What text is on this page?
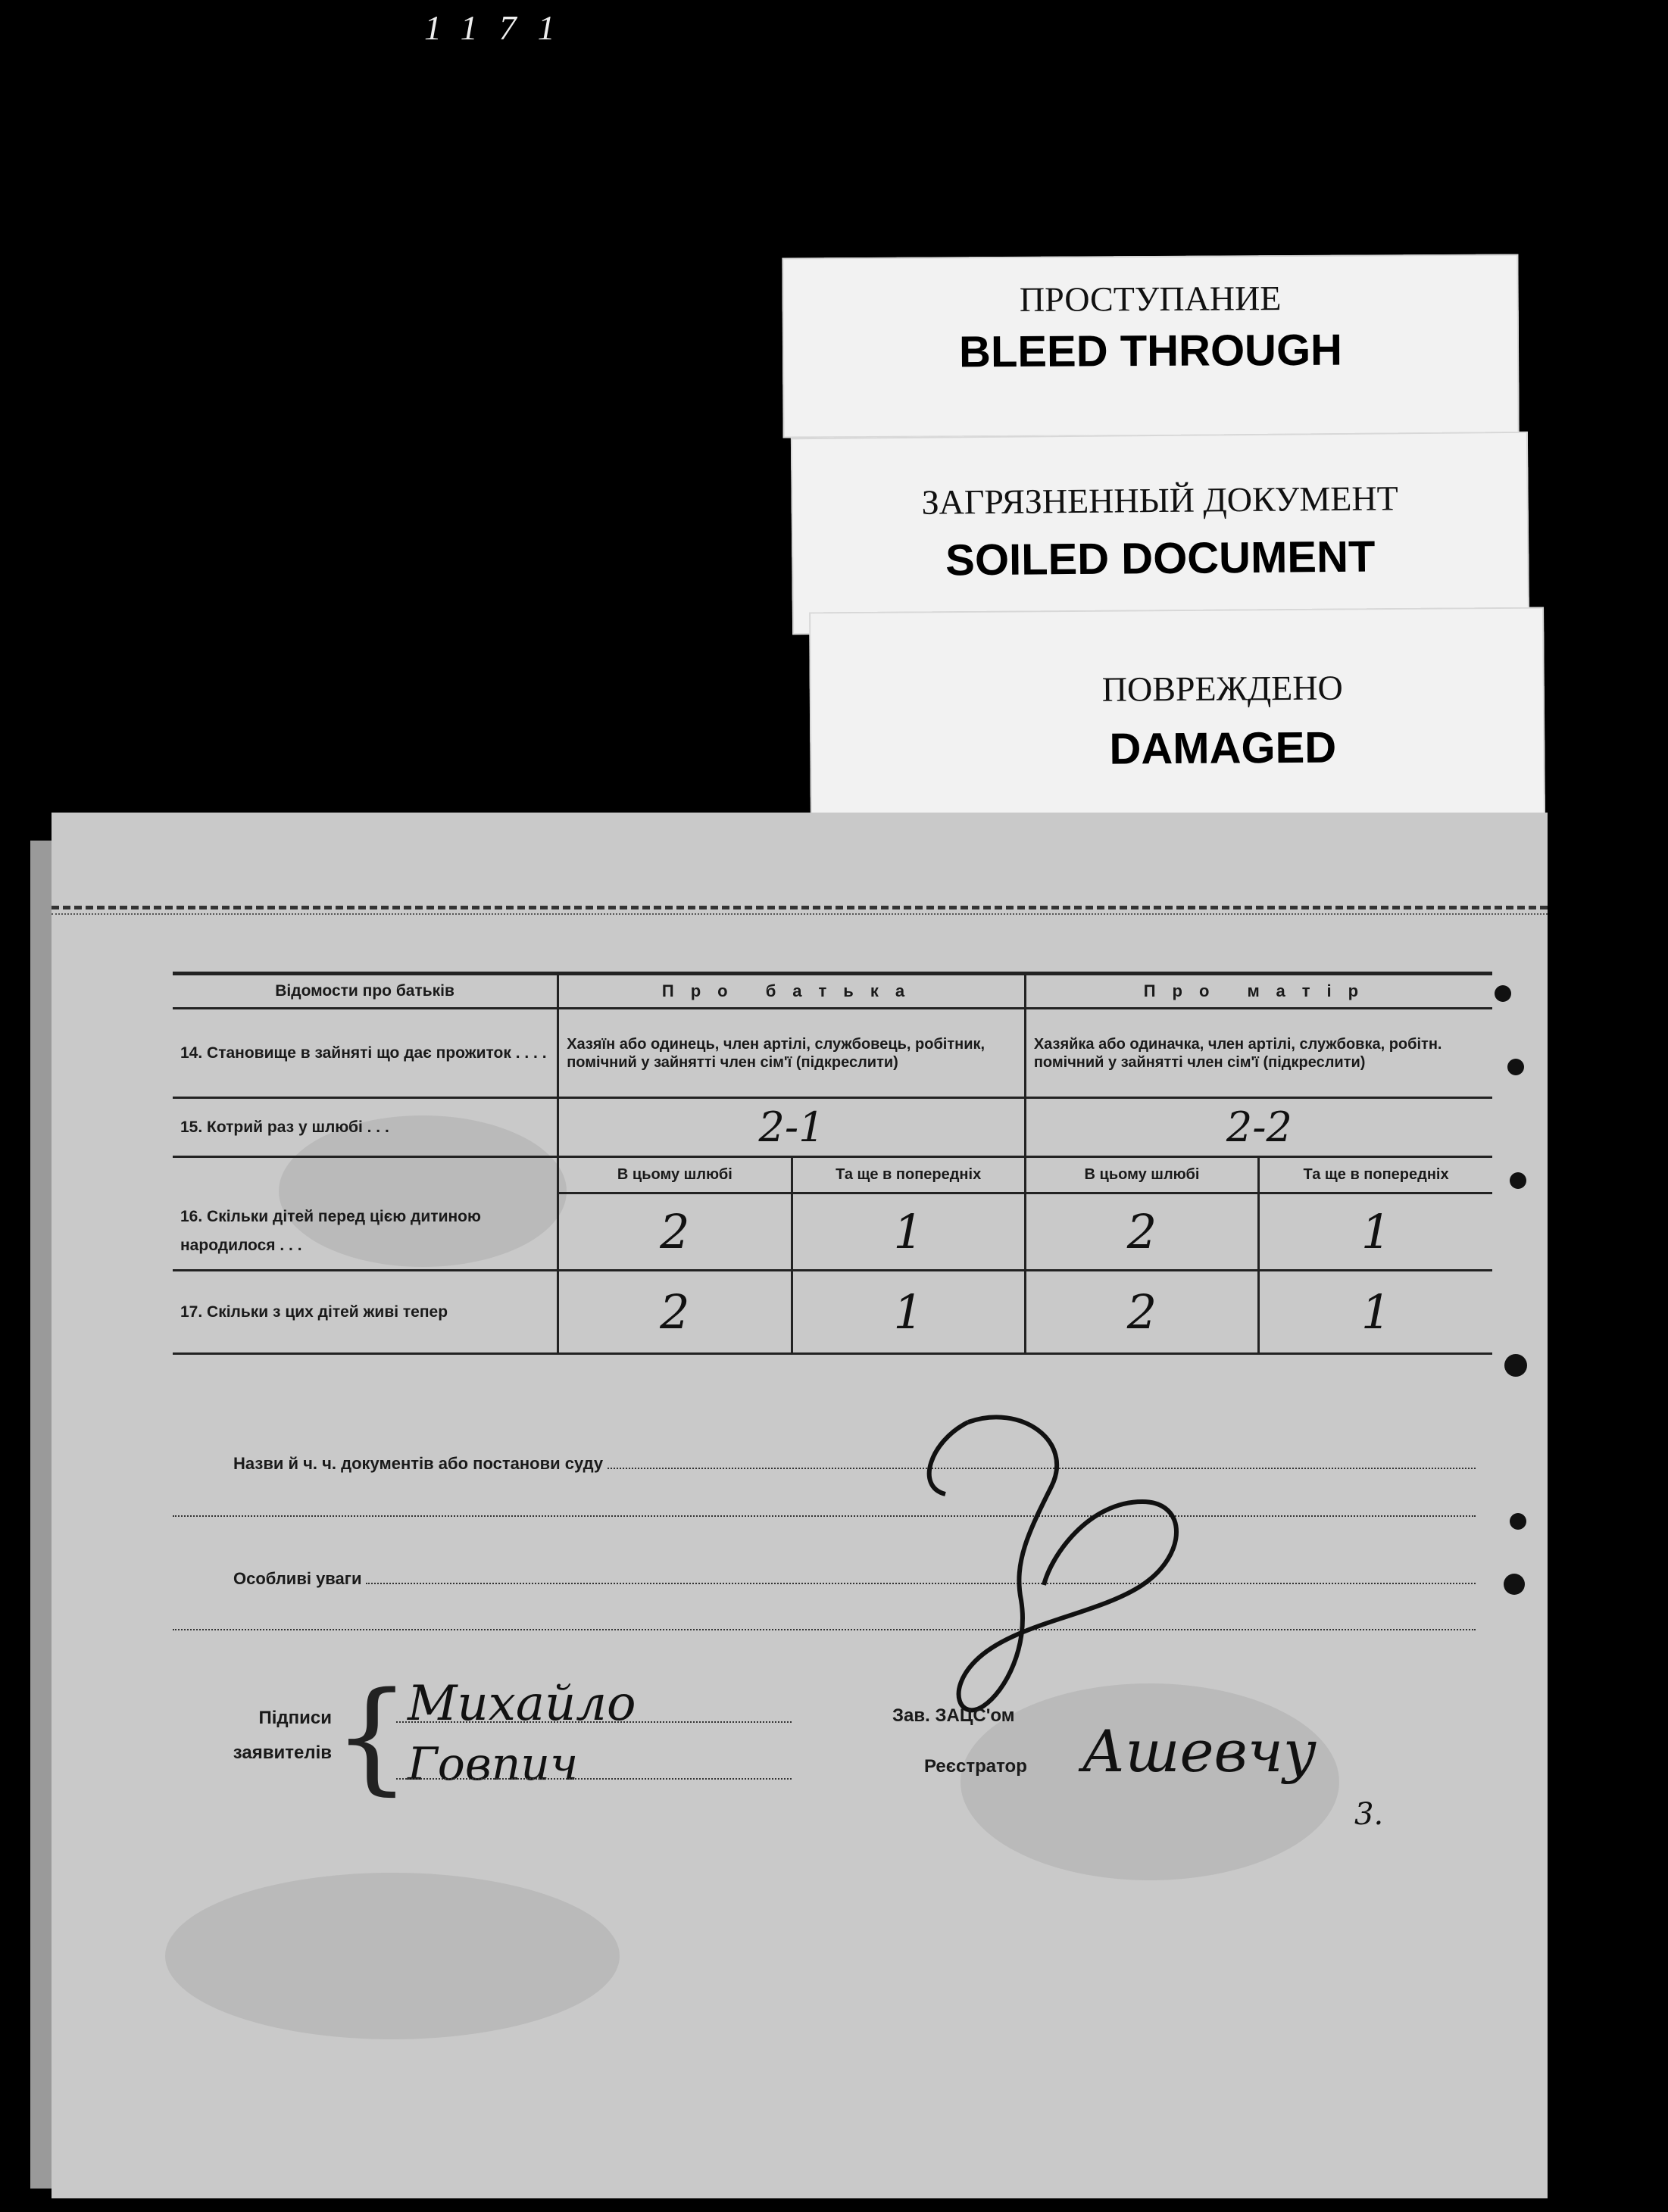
1171
ПРОСТУПАНИЕ
BLEED THROUGH
ЗАГРЯЗНЕННЫЙ ДОКУМЕНТ
SOILED DOCUMENT
ПОВРЕЖДЕНО
DAMAGED
Відомости про батьків	Про батька		Про матір	
14. Становище в зайняті що дає прожиток . . . .	Хазяїн або одинець, член артілі, службовець, робітник, помічний у зайнятті член сім'ї (підкреслити)		Хазяйка або одиначка, член артілі, службовка, робітн. помічний у зайнятті член сім'ї (підкреслити)	
15. Котрий раз у шлюбі . . .	2-1		2-2	
	В цьому шлюбі	Та ще в попередніх	В цьому шлюбі	Та ще в попередніх
16. Скільки дітей перед цією дитиною народилося . . .	2	1	2	1
17. Скільки з цих дітей живі тепер	2	1	2	1
Назви й ч. ч. документів або постанови суду
Особливі уваги
Підписи
заявителів {
Михайло
Говпич
Зав. ЗАЦС'ом
Реєстратор Ашевчу
3.
